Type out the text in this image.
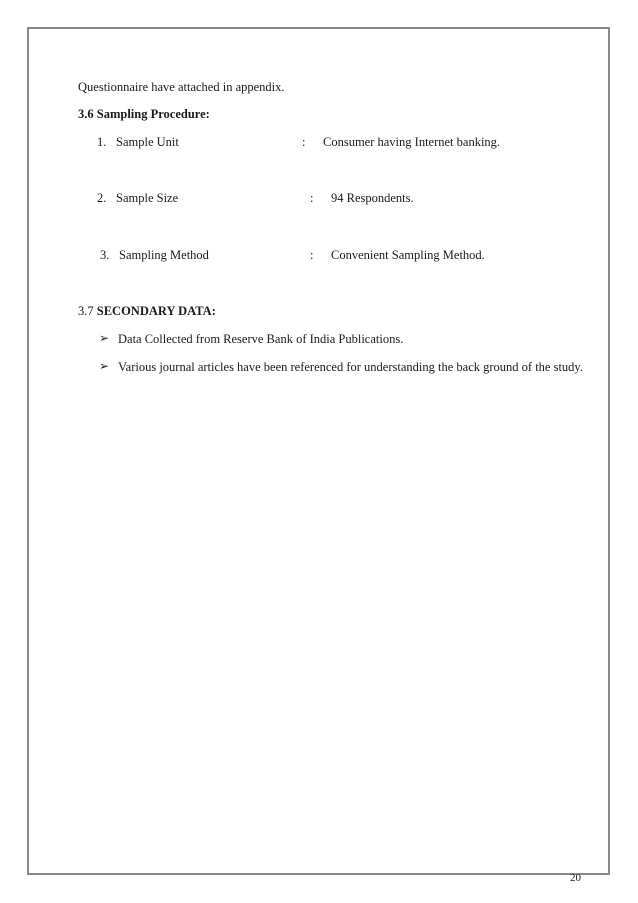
Questionnaire have attached in appendix.
3.6 Sampling Procedure:
1. Sample Unit	: Consumer having Internet banking.
2. Sample Size	: 94 Respondents.
3. Sampling Method	: Convenient Sampling Method.
3.7 SECONDARY DATA:
➢ Data Collected from Reserve Bank of India Publications.
➢ Various journal articles have been referenced for understanding the back ground of the study.
20
